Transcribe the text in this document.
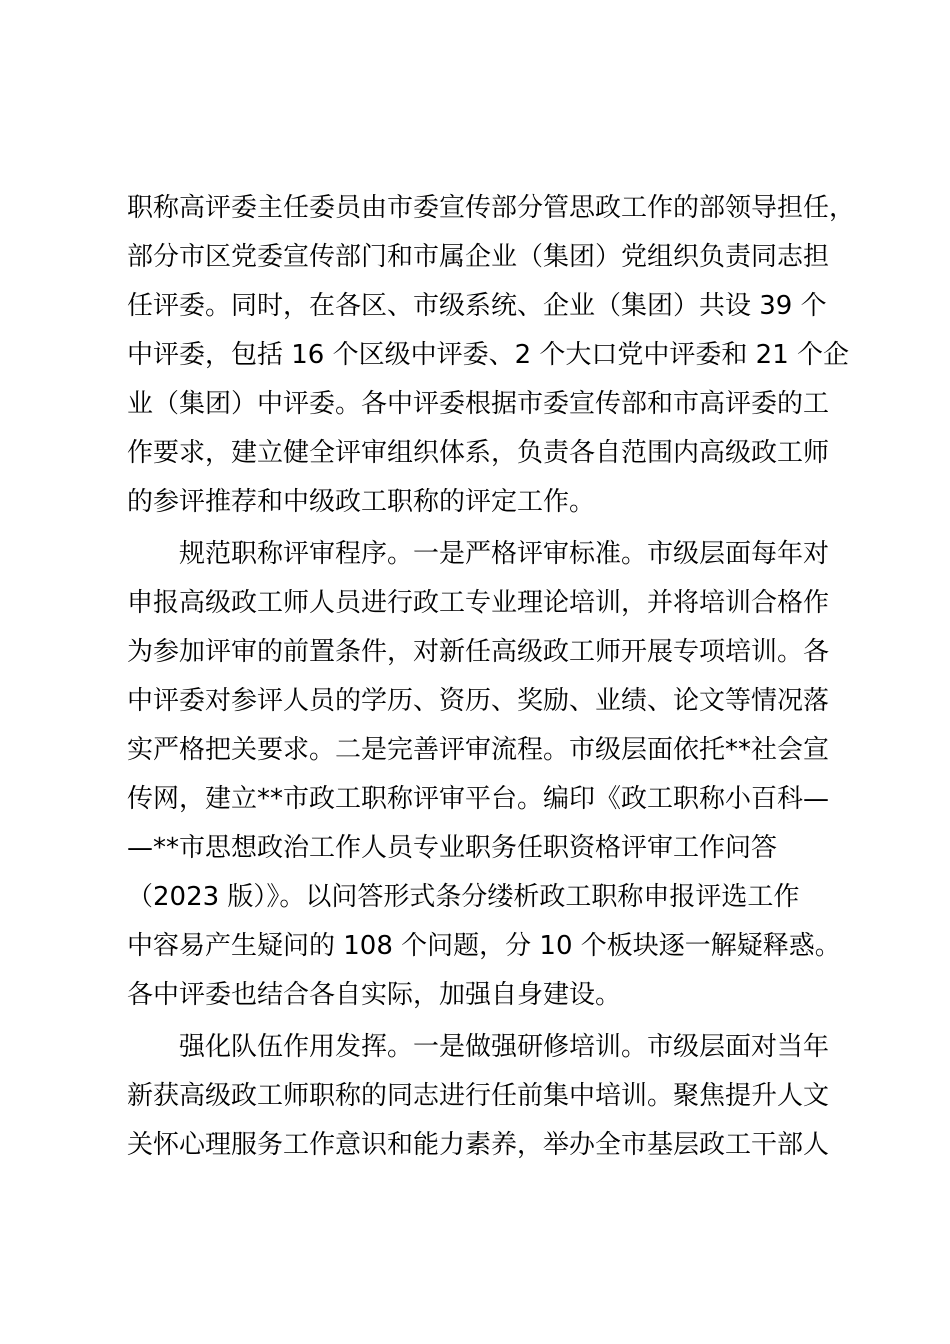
职称高评委主任委员由市委宣传部分管思政工作的部领导担任，
部分市区党委宣传部门和市属企业（集团）党组织负责同志担
任评委。同时，在各区、市级系统、企业（集团）共设 39 个
中评委，包括 16 个区级中评委、2 个大口党中评委和 21 个企
业（集团）中评委。各中评委根据市委宣传部和市高评委的工
作要求，建立健全评审组织体系，负责各自范围内高级政工师
的参评推荐和中级政工职称的评定工作。
规范职称评审程序。一是严格评审标准。市级层面每年对
申报高级政工师人员进行政工专业理论培训，并将培训合格作
为参加评审的前置条件，对新任高级政工师开展专项培训。各
中评委对参评人员的学历、资历、奖励、业绩、论文等情况落
实严格把关要求。二是完善评审流程。市级层面依托**社会宣
传网，建立**市政工职称评审平台。编印《政工职称小百科—
—**市思想政治工作人员专业职务任职资格评审工作问答
（2023 版）》。以问答形式条分缕析政工职称申报评选工作
中容易产生疑问的 108 个问题，分 10 个板块逐一解疑释惑。
各中评委也结合各自实际，加强自身建设。
强化队伍作用发挥。一是做强研修培训。市级层面对当年
新获高级政工师职称的同志进行任前集中培训。聚焦提升人文
关怀心理服务工作意识和能力素养，举办全市基层政工干部人
